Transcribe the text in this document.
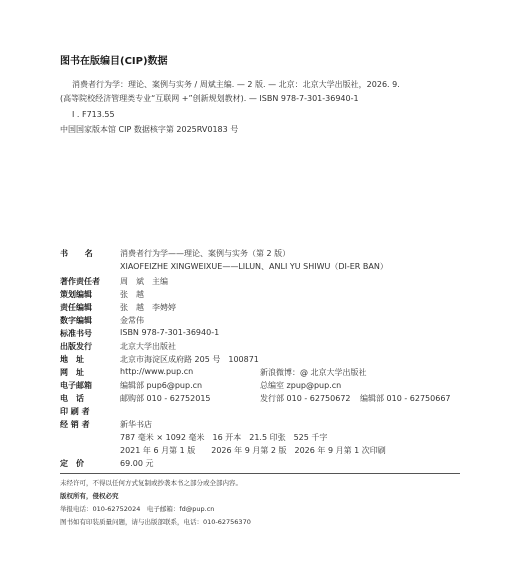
图书在版编目(CIP)数据
消费者行为学：理论、案例与实务 / 周斌主编. — 2 版. — 北京：北京大学出版社，2026. 9.
(高等院校经济管理类专业“互联网 +”创新规划教材). — ISBN 978-7-301-36940-1
I . F713.55
中国国家版本馆 CIP 数据核字第 2025RV0183 号
书      名	消费者行为学——理论、案例与实务（第 2 版）
XIAOFEIZHE XINGWEIXUE——LILUN、ANLI YU SHIWU（DI-ER BAN）
著作责任者	周　斌　主编
策划编辑	张　越
责任编辑	张　越　李娉婷
数字编辑	金常伟
标准书号	ISBN 978-7-301-36940-1
出版发行	北京大学出版社
地　址	北京市海淀区成府路 205 号　100871
网　址	http://www.pup.cn	新浪微博：@ 北京大学出版社
电子邮箱	编辑部 pup6@pup.cn	总编室 zpup@pup.cn
电　话	邮购部 010 - 62752015	发行部 010 - 62750672 编辑部 010 - 62750667
印 刷 者
经 销 者	新华书店
787 毫米 × 1092 毫米　16 开本　21.5 印张　525 千字
2021 年 6 月第 1 版　　2026 年 9 月第 2 版　2026 年 9 月第 1 次印刷
定　价	69.00 元
未经许可，不得以任何方式复制或抄袭本书之部分或全部内容。
版权所有，侵权必究
举报电话：010-62752024　电子邮箱：fd@pup.cn
图书如有印装质量问题，请与出版部联系，电话：010-62756370
